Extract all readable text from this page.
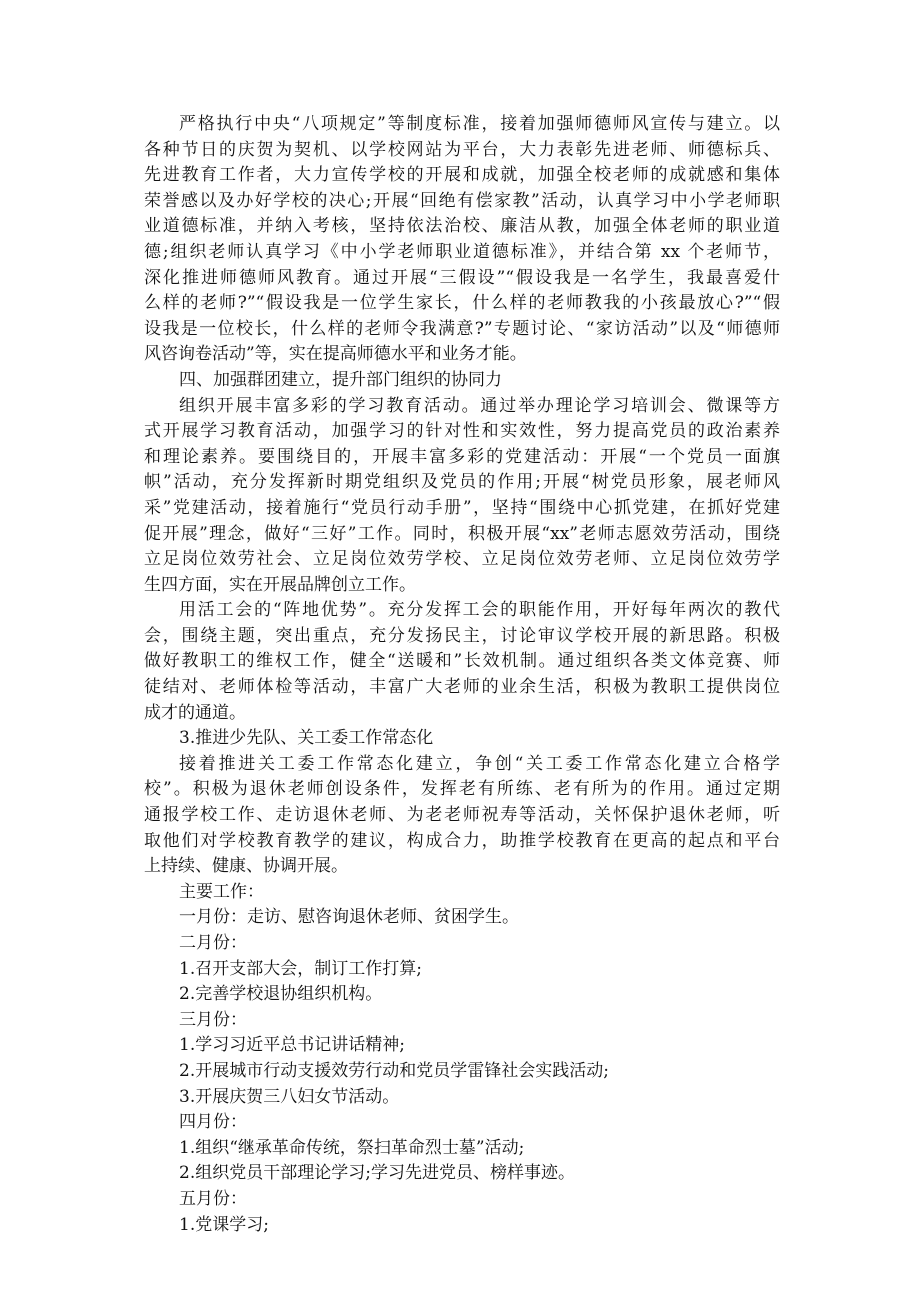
严格执行中央“八项规定”等制度标准，接着加强师德师风宣传与建立。以
各种节日的庆贺为契机、以学校网站为平台，大力表彰先进老师、师德标兵、
先进教育工作者，大力宣传学校的开展和成就，加强全校老师的成就感和集体
荣誉感以及办好学校的决心;开展“回绝有偿家教”活动，认真学习中小学老师职
业道德标准，并纳入考核，坚持依法治校、廉洁从教，加强全体老师的职业道
德;组织老师认真学习《中小学老师职业道德标准》，并结合第 xx 个老师节，
深化推进师德师风教育。通过开展“三假设”“假设我是一名学生，我最喜爱什
么样的老师?”“假设我是一位学生家长，什么样的老师教我的小孩最放心?”“假
设我是一位校长，什么样的老师令我满意?”专题讨论、“家访活动”以及“师德师
风咨询卷活动”等，实在提高师德水平和业务才能。
四、加强群团建立，提升部门组织的协同力
组织开展丰富多彩的学习教育活动。通过举办理论学习培训会、微课等方
式开展学习教育活动，加强学习的针对性和实效性，努力提高党员的政治素养
和理论素养。要围绕目的，开展丰富多彩的党建活动：开展“一个党员一面旗
帜”活动，充分发挥新时期党组织及党员的作用;开展“树党员形象，展老师风
采”党建活动，接着施行“党员行动手册”，坚持“围绕中心抓党建，在抓好党建
促开展”理念，做好“三好”工作。同时，积极开展“xx”老师志愿效劳活动，围绕
立足岗位效劳社会、立足岗位效劳学校、立足岗位效劳老师、立足岗位效劳学
生四方面，实在开展品牌创立工作。
用活工会的“阵地优势”。充分发挥工会的职能作用，开好每年两次的教代
会，围绕主题，突出重点，充分发扬民主，讨论审议学校开展的新思路。积极
做好教职工的维权工作，健全“送暖和”长效机制。通过组织各类文体竞赛、师
徒结对、老师体检等活动，丰富广大老师的业余生活，积极为教职工提供岗位
成才的通道。
3.推进少先队、关工委工作常态化
接着推进关工委工作常态化建立，争创“关工委工作常态化建立合格学
校”。积极为退休老师创设条件，发挥老有所练、老有所为的作用。通过定期
通报学校工作、走访退休老师、为老老师祝寿等活动，关怀保护退休老师，听
取他们对学校教育教学的建议，构成合力，助推学校教育在更高的起点和平台
上持续、健康、协调开展。
主要工作：
一月份：走访、慰咨询退休老师、贫困学生。
二月份：
1.召开支部大会，制订工作打算;
2.完善学校退协组织机构。
三月份：
1.学习习近平总书记讲话精神;
2.开展城市行动支援效劳行动和党员学雷锋社会实践活动;
3.开展庆贺三八妇女节活动。
四月份：
1.组织“继承革命传统，祭扫革命烈士墓”活动;
2.组织党员干部理论学习;学习先进党员、榜样事迹。
五月份：
1.党课学习;
